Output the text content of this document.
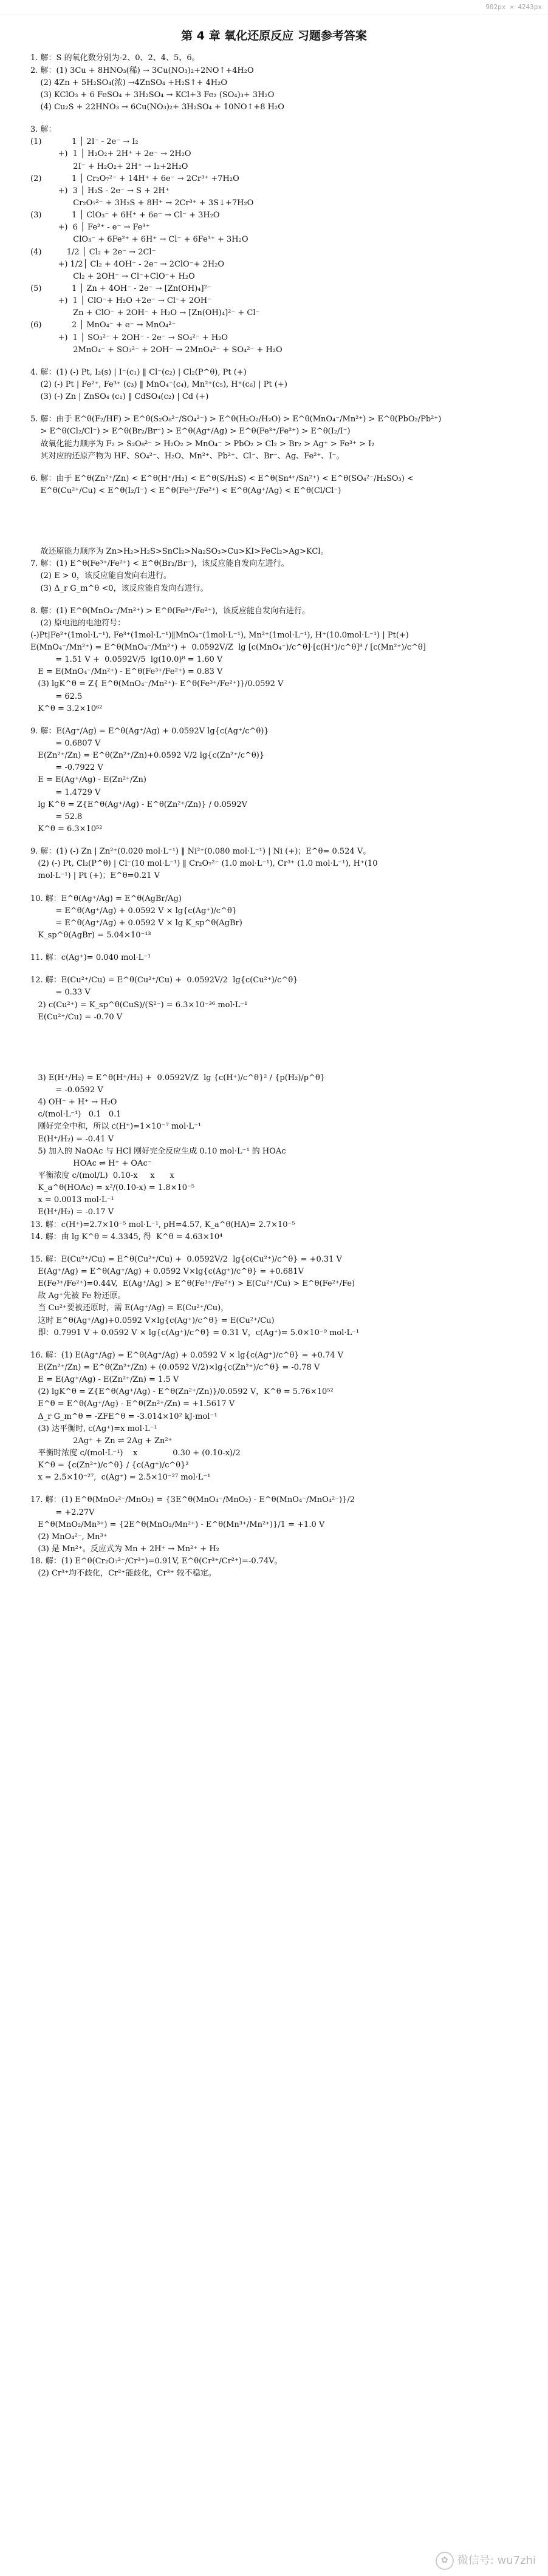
902px × 4243px
第 4 章 氧化还原反应 习题参考答案

1. 解：S 的氧化数分别为-2、0、2、4、5、6。

2. 解：(1) 3Cu + 8HNO₃(稀) → 3Cu(NO₃)₂+2NO↑+4H₂O

(2) 4Zn + 5H₂SO₄(浓) →4ZnSO₄ +H₂S↑+ 4H₂O

(3) KClO₃ + 6 FeSO₄ + 3H₂SO₄ → KCl+3 Fe₂ (SO₄)₃+ 3H₂O

(4) Cu₂S + 22HNO₃ → 6Cu(NO₃)₂+ 3H₂SO₄ + 10NO↑+8 H₂O

3. 解：

(1)            1 │ 2I⁻ - 2e⁻ → I₂

+)  1 │ H₂O₂+ 2H⁺ + 2e⁻ → 2H₂O

2I⁻ + H₂O₂+ 2H⁺ → I₂+2H₂O

(2)            1 │ Cr₂O₇²⁻ + 14H⁺ + 6e⁻ → 2Cr³⁺ +7H₂O

+)  3 │ H₂S - 2e⁻ → S + 2H⁺

Cr₂O₇²⁻ + 3H₂S + 8H⁺ → 2Cr³⁺ + 3S↓+7H₂O

(3)            1 │ ClO₃⁻ + 6H⁺ + 6e⁻ → Cl⁻ + 3H₂O

+)  6 │ Fe²⁺ - e⁻ → Fe³⁺

ClO₃⁻ + 6Fe²⁺ + 6H⁺ → Cl⁻ + 6Fe³⁺ + 3H₂O

(4)          1/2 │ Cl₂ + 2e⁻ → 2Cl⁻

+) 1/2│ Cl₂ + 4OH⁻ - 2e⁻ → 2ClO⁻+ 2H₂O

Cl₂ + 2OH⁻ → Cl⁻+ClO⁻+ H₂O

(5)            1 │ Zn + 4OH⁻ - 2e⁻ → [Zn(OH)₄]²⁻

+)  1 │ ClO⁻+ H₂O +2e⁻ → Cl⁻+ 2OH⁻

Zn + ClO⁻ + 2OH⁻ + H₂O → [Zn(OH)₄]²⁻ + Cl⁻

(6)            2 │ MnO₄⁻ + e⁻ → MnO₄²⁻

+)  1 │ SO₃²⁻ + 2OH⁻ - 2e⁻ → SO₄²⁻ + H₂O

2MnO₄⁻ + SO₃²⁻ + 2OH⁻ → 2MnO₄²⁻ + SO₄²⁻ + H₂O

4. 解：(1) (-) Pt, I₂(s) | I⁻(c₁) ‖ Cl⁻(c₂) | Cl₂(P^θ), Pt (+)

(2) (-) Pt | Fe²⁺, Fe³⁺ (c₃) ‖ MnO₄⁻(c₄), Mn²⁺(c₅), H⁺(c₆) | Pt (+)

(3) (-) Zn | ZnSO₄ (c₁) ‖ CdSO₄(c₂) | Cd (+)

5. 解：由于 E^θ(F₂/HF) > E^θ(S₂O₈²⁻/SO₄²⁻) > E^θ(H₂O₂/H₂O) > E^θ(MnO₄⁻/Mn²⁺) > E^θ(PbO₂/Pb²⁺)

> E^θ(Cl₂/Cl⁻) > E^θ(Br₂/Br⁻) > E^θ(Ag⁺/Ag) > E^θ(Fe³⁺/Fe²⁺) > E^θ(I₂/I⁻)

故氧化能力顺序为 F₂ > S₂O₈²⁻ > H₂O₂ > MnO₄⁻ > PbO₂ > Cl₂ > Br₂ > Ag⁺ > Fe³⁺ > I₂

其对应的还原产物为 HF、SO₄²⁻、H₂O、Mn²⁺、Pb²⁺、Cl⁻、Br⁻、Ag、Fe²⁺、I⁻。

6. 解：由于 E^θ(Zn²⁺/Zn) < E^θ(H⁺/H₂) < E^θ(S/H₂S) < E^θ(Sn⁴⁺/Sn²⁺) < E^θ(SO₄²⁻/H₂SO₃) <

E^θ(Cu²⁺/Cu) < E^θ(I₂/I⁻) < E^θ(Fe³⁺/Fe²⁺) < E^θ(Ag⁺/Ag) < E^θ(Cl/Cl⁻)

故还原能力顺序为 Zn>H₂>H₂S>SnCl₂>Na₂SO₃>Cu>KI>FeCl₂>Ag>KCl。

7. 解：(1) E^θ(Fe³⁺/Fe²⁺) < E^θ(Br₂/Br⁻)，该反应能自发向左进行。

(2) E > 0，该反应能自发向右进行。

(3) Δ_r G_m^θ <0，该反应能自发向右进行。

8. 解：(1) E^θ(MnO₄⁻/Mn²⁺) > E^θ(Fe³⁺/Fe²⁺)，该反应能自发向右进行。

(2) 原电池的电池符号：

(-)Pt|Fe²⁺(1mol·L⁻¹), Fe³⁺(1mol·L⁻¹)‖MnO₄⁻(1mol·L⁻¹), Mn²⁺(1mol·L⁻¹), H⁺(10.0mol·L⁻¹) | Pt(+)

E(MnO₄⁻/Mn²⁺) = E^θ(MnO₄⁻/Mn²⁺) +  0.0592V/Z  lg [c(MnO₄⁻)/c^θ]·[c(H⁺)/c^θ]⁸ / [c(Mn²⁺)/c^θ]

= 1.51 V +  0.0592V/5  lg(10.0)⁸ = 1.60 V

E = E(MnO₄⁻/Mn²⁺) - E^θ(Fe³⁺/Fe²⁺) = 0.83 V

(3) lgK^θ = Z{ E^θ(MnO₄⁻/Mn²⁺)- E^θ(Fe³⁺/Fe²⁺)}/0.0592 V

= 62.5

K^θ = 3.2×10⁶²

9. 解：E(Ag⁺/Ag) = E^θ(Ag⁺/Ag) + 0.0592V lg{c(Ag⁺/c^θ)}

= 0.6807 V

E(Zn²⁺/Zn) = E^θ(Zn²⁺/Zn)+0.0592 V/2 lg{c(Zn²⁺/c^θ)}

= -0.7922 V

E = E(Ag⁺/Ag) - E(Zn²⁺/Zn)

= 1.4729 V

lg K^θ = Z{E^θ(Ag⁺/Ag) - E^θ(Zn²⁺/Zn)} / 0.0592V

= 52.8

K^θ = 6.3×10⁵²

9. 解：(1) (-) Zn | Zn²⁺(0.020 mol·L⁻¹) ‖ Ni²⁺(0.080 mol·L⁻¹) | Ni (+)；E^θ= 0.524 V。

(2) (-) Pt, Cl₂(P^θ) | Cl⁻(10 mol·L⁻¹) ‖ Cr₂O₇²⁻ (1.0 mol·L⁻¹), Cr³⁺ (1.0 mol·L⁻¹), H⁺(10

mol·L⁻¹) | Pt (+)；E^θ=0.21 V

10. 解：E^θ(Ag⁺/Ag) = E^θ(AgBr/Ag)

= E^θ(Ag⁺/Ag) + 0.0592 V × lg{c(Ag⁺)/c^θ}

= E^θ(Ag⁺/Ag) + 0.0592 V × lg K_sp^θ(AgBr)

K_sp^θ(AgBr) = 5.04×10⁻¹³

11. 解：c(Ag⁺)= 0.040 mol·L⁻¹

12. 解：E(Cu²⁺/Cu) = E^θ(Cu²⁺/Cu) +  0.0592V/2  lg{c(Cu²⁺)/c^θ}

= 0.33 V

2) c(Cu²⁺) = K_sp^θ(CuS)/(S²⁻) = 6.3×10⁻³⁶ mol·L⁻¹

E(Cu²⁺/Cu) = -0.70 V

3) E(H⁺/H₂) = E^θ(H⁺/H₂) +  0.0592V/Z  lg {c(H⁺)/c^θ}² / {p(H₂)/p^θ}

= -0.0592 V

4) OH⁻ + H⁺ → H₂O

c/(mol·L⁻¹)   0.1   0.1

刚好完全中和，所以 c(H⁺)=1×10⁻⁷ mol·L⁻¹

E(H⁺/H₂) = -0.41 V

5) 加入的 NaOAc 与 HCl 刚好完全反应生成 0.10 mol·L⁻¹ 的 HOAc

HOAc ⇌ H⁺ + OAc⁻

平衡浓度 c/(mol/L)  0.10-x     x      x

K_a^θ(HOAc) = x²/(0.10-x) = 1.8×10⁻⁵

x = 0.0013 mol·L⁻¹

E(H⁺/H₂) = -0.17 V

13. 解：c(H⁺)=2.7×10⁻⁵ mol·L⁻¹, pH=4.57, K_a^θ(HA)= 2.7×10⁻⁵

14. 解：由 lg K^θ = 4.3345, 得  K^θ = 4.63×10⁴

15. 解：E(Cu²⁺/Cu) = E^θ(Cu²⁺/Cu) +  0.0592V/2  lg{c(Cu²⁺)/c^θ} = +0.31 V

E(Ag⁺/Ag) = E^θ(Ag⁺/Ag) + 0.0592 V×lg{c(Ag⁺)/c^θ} = +0.681V

E(Fe³⁺/Fe²⁺)=0.44V,  E(Ag⁺/Ag) > E^θ(Fe³⁺/Fe²⁺) > E(Cu²⁺/Cu) > E^θ(Fe²⁺/Fe)

故 Ag⁺先被 Fe 粉还原。

当 Cu²⁺要被还原时，需 E(Ag⁺/Ag) = E(Cu²⁺/Cu)，

这时 E^θ(Ag⁺/Ag)+0.0592 V×lg{c(Ag⁺)/c^θ} = E(Cu²⁺/Cu)

即：0.7991 V + 0.0592 V × lg{c(Ag⁺)/c^θ} = 0.31 V，c(Ag⁺)= 5.0×10⁻⁹ mol·L⁻¹

16. 解：(1) E(Ag⁺/Ag) = E^θ(Ag⁺/Ag) + 0.0592 V × lg{c(Ag⁺)/c^θ} = +0.74 V

E(Zn²⁺/Zn) = E^θ(Zn²⁺/Zn) + (0.0592 V/2)×lg{c(Zn²⁺)/c^θ} = -0.78 V

E = E(Ag⁺/Ag) - E(Zn²⁺/Zn) = 1.5 V

(2) lgK^θ = Z{E^θ(Ag⁺/Ag) - E^θ(Zn²⁺/Zn)}/0.0592 V，K^θ = 5.76×10⁵²

E^θ = E^θ(Ag⁺/Ag) - E^θ(Zn²⁺/Zn) = +1.5617 V

Δ_r G_m^θ = -ZFE^θ = -3.014×10² kJ·mol⁻¹

(3) 达平衡时, c(Ag⁺)=x mol·L⁻¹

2Ag⁺ + Zn ⇌ 2Ag + Zn²⁺

平衡时浓度 c/(mol·L⁻¹)    x              0.30 + (0.10-x)/2

K^θ = {c(Zn²⁺)/c^θ} / {c(Ag⁺)/c^θ}²

x = 2.5×10⁻²⁷,  c(Ag⁺) = 2.5×10⁻²⁷ mol·L⁻¹

17. 解：(1) E^θ(MnO₄²⁻/MnO₂) = {3E^θ(MnO₄⁻/MnO₂) - E^θ(MnO₄⁻/MnO₄²⁻)}/2

= +2.27V

E^θ(MnO₂/Mn³⁺) = {2E^θ(MnO₂/Mn²⁺) - E^θ(Mn³⁺/Mn²⁺)}/1 = +1.0 V

(2) MnO₄²⁻, Mn³⁺

(3) 是 Mn²⁺。反应式为 Mn + 2H⁺ → Mn²⁺ + H₂

18. 解：(1) E^θ(Cr₂O₇²⁻/Cr³⁺)=0.91V, E^θ(Cr³⁺/Cr²⁺)=-0.74V。

(2) Cr³⁺均不歧化，Cr²⁺能歧化，Cr³⁺ 较不稳定。

✿ 微信号: wu7zhi
